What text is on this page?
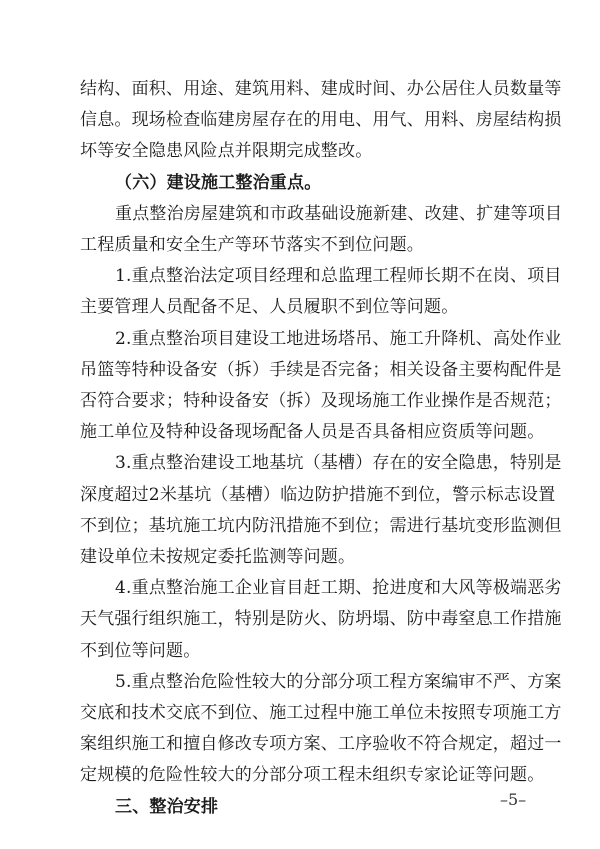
结构、面积、用途、建筑用料、建成时间、办公居住人员数量等
信息。现场检查临建房屋存在的用电、用气、用料、房屋结构损
坏等安全隐患风险点并限期完成整改。
（六）建设施工整治重点。
重点整治房屋建筑和市政基础设施新建、改建、扩建等项目
工程质量和安全生产等环节落实不到位问题。
1.重点整治法定项目经理和总监理工程师长期不在岗、项目
主要管理人员配备不足、人员履职不到位等问题。
2.重点整治项目建设工地进场塔吊、施工升降机、高处作业
吊篮等特种设备安（拆）手续是否完备；相关设备主要构配件是
否符合要求；特种设备安（拆）及现场施工作业操作是否规范；
施工单位及特种设备现场配备人员是否具备相应资质等问题。
3.重点整治建设工地基坑（基槽）存在的安全隐患，特别是
深度超过2米基坑（基槽）临边防护措施不到位，警示标志设置
不到位；基坑施工坑内防汛措施不到位；需进行基坑变形监测但
建设单位未按规定委托监测等问题。
4.重点整治施工企业盲目赶工期、抢进度和大风等极端恶劣
天气强行组织施工，特别是防火、防坍塌、防中毒窒息工作措施
不到位等问题。
5.重点整治危险性较大的分部分项工程方案编审不严、方案
交底和技术交底不到位、施工过程中施工单位未按照专项施工方
案组织施工和擅自修改专项方案、工序验收不符合规定，超过一
定规模的危险性较大的分部分项工程未组织专家论证等问题。
三、整治安排	–5–
